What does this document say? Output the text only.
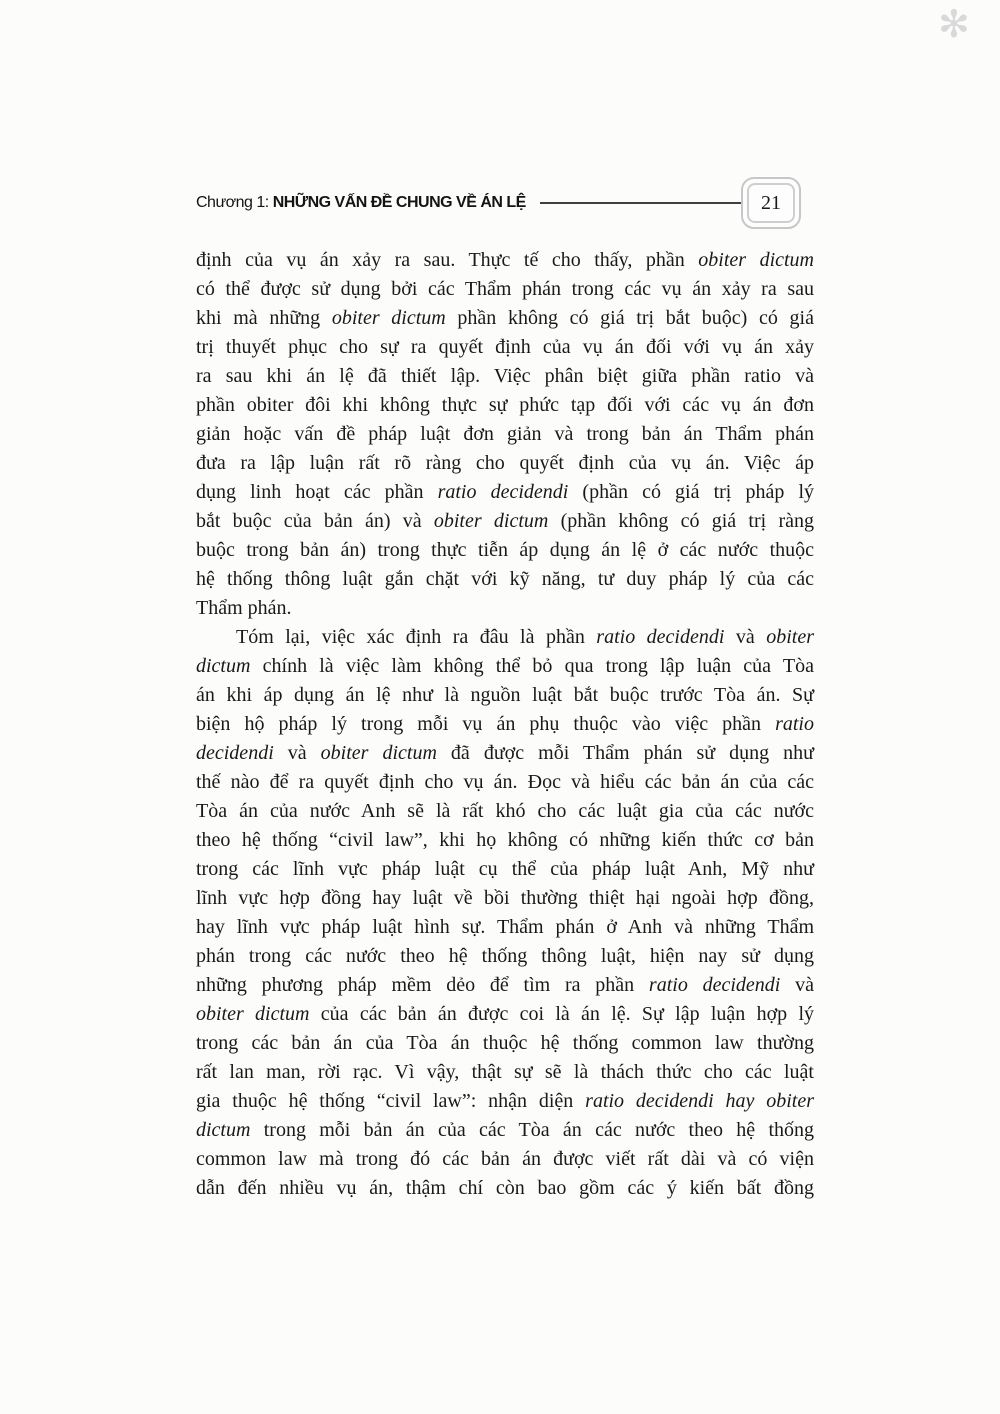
✻
Chương 1: NHỮNG VẤN ĐỀ CHUNG VỀ ÁN LỆ	21
định của vụ án xảy ra sau. Thực tế cho thấy, phần obiter dictum
có thể được sử dụng bởi các Thẩm phán trong các vụ án xảy ra sau
khi mà những obiter dictum phần không có giá trị bắt buộc) có giá
trị thuyết phục cho sự ra quyết định của vụ án đối với vụ án xảy
ra sau khi án lệ đã thiết lập. Việc phân biệt giữa phần ratio và
phần obiter đôi khi không thực sự phức tạp đối với các vụ án đơn
giản hoặc vấn đề pháp luật đơn giản và trong bản án Thẩm phán
đưa ra lập luận rất rõ ràng cho quyết định của vụ án. Việc áp
dụng linh hoạt các phần ratio decidendi (phần có giá trị pháp lý
bắt buộc của bản án) và obiter dictum (phần không có giá trị ràng
buộc trong bản án) trong thực tiễn áp dụng án lệ ở các nước thuộc
hệ thống thông luật gắn chặt với kỹ năng, tư duy pháp lý của các
Thẩm phán.
Tóm lại, việc xác định ra đâu là phần ratio decidendi và obiter
dictum chính là việc làm không thể bỏ qua trong lập luận của Tòa
án khi áp dụng án lệ như là nguồn luật bắt buộc trước Tòa án. Sự
biện hộ pháp lý trong mỗi vụ án phụ thuộc vào việc phần ratio
decidendi và obiter dictum đã được mỗi Thẩm phán sử dụng như
thế nào để ra quyết định cho vụ án. Đọc và hiểu các bản án của các
Tòa án của nước Anh sẽ là rất khó cho các luật gia của các nước
theo hệ thống “civil law”, khi họ không có những kiến thức cơ bản
trong các lĩnh vực pháp luật cụ thể của pháp luật Anh, Mỹ như
lĩnh vực hợp đồng hay luật về bồi thường thiệt hại ngoài hợp đồng,
hay lĩnh vực pháp luật hình sự. Thẩm phán ở Anh và những Thẩm
phán trong các nước theo hệ thống thông luật, hiện nay sử dụng
những phương pháp mềm dẻo để tìm ra phần ratio decidendi và
obiter dictum của các bản án được coi là án lệ. Sự lập luận hợp lý
trong các bản án của Tòa án thuộc hệ thống common law thường
rất lan man, rời rạc. Vì vậy, thật sự sẽ là thách thức cho các luật
gia thuộc hệ thống “civil law”: nhận diện ratio decidendi hay obiter
dictum trong mỗi bản án của các Tòa án các nước theo hệ thống
common law mà trong đó các bản án được viết rất dài và có viện
dẫn đến nhiều vụ án, thậm chí còn bao gồm các ý kiến bất đồng
